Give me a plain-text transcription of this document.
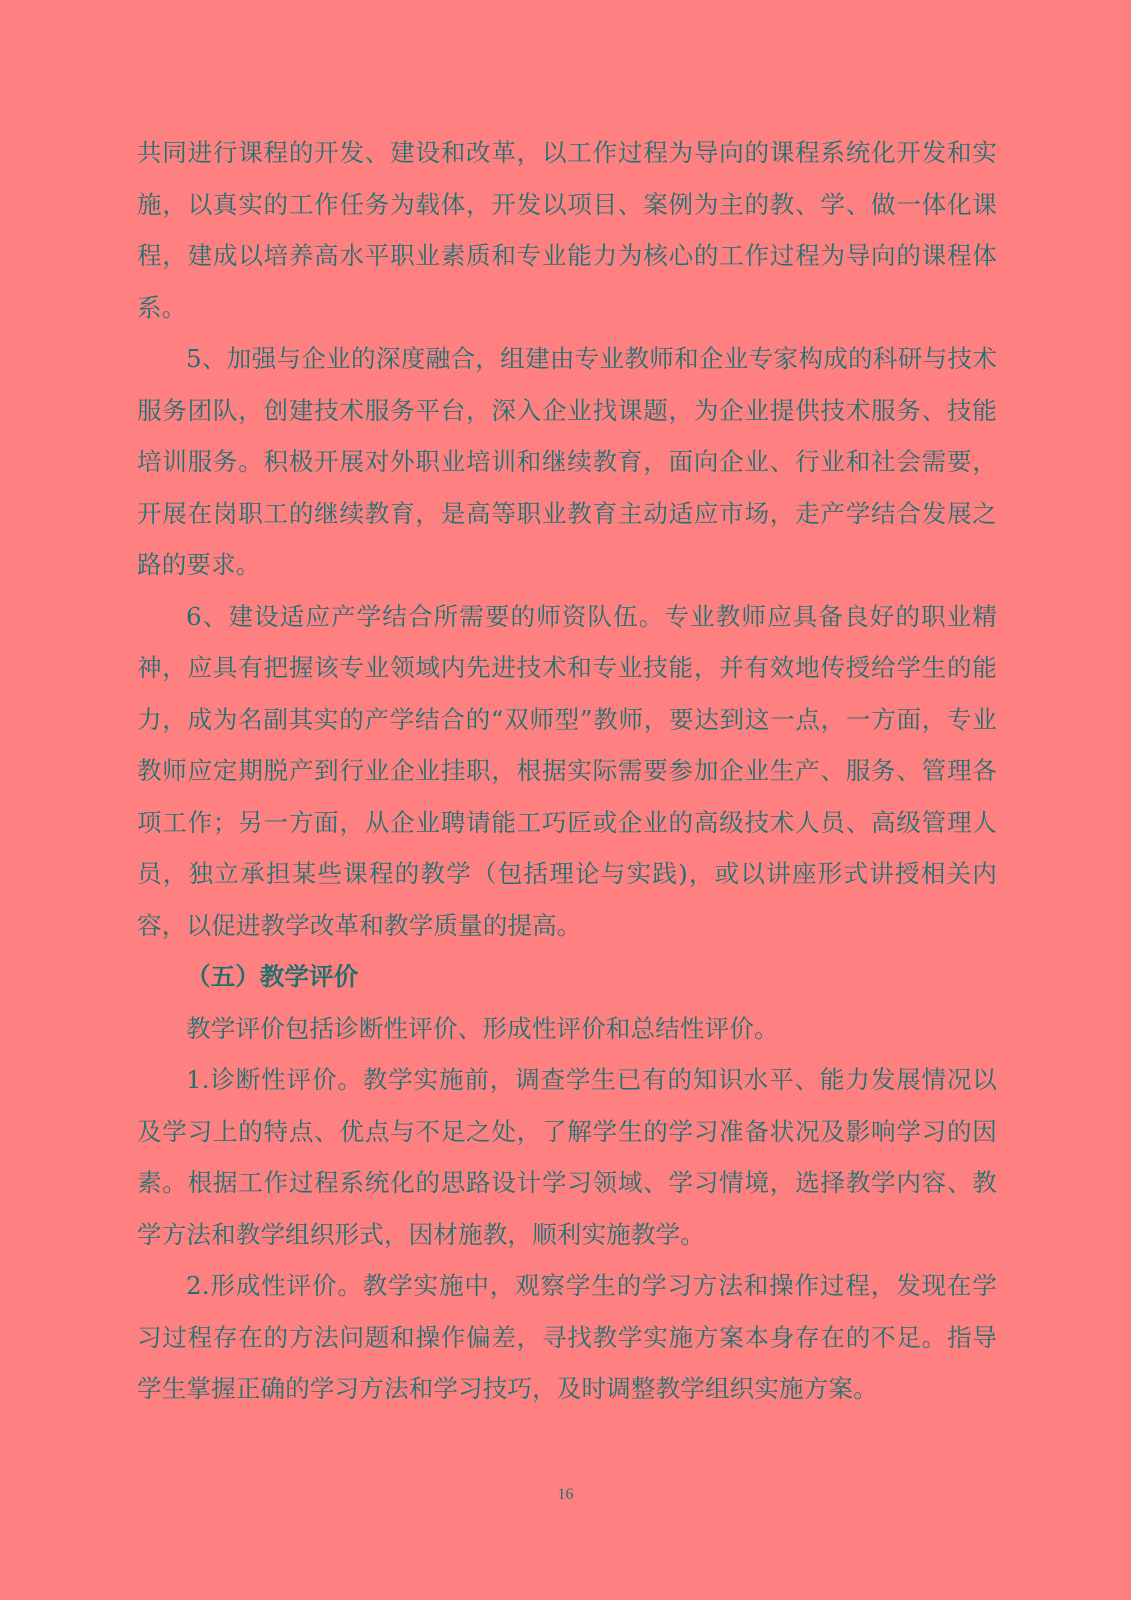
共同进行课程的开发、建设和改革，以工作过程为导向的课程系统化开发和实施，以真实的工作任务为载体，开发以项目、案例为主的教、学、做一体化课程，建成以培养高水平职业素质和专业能力为核心的工作过程为导向的课程体系。

5、加强与企业的深度融合，组建由专业教师和企业专家构成的科研与技术服务团队，创建技术服务平台，深入企业找课题，为企业提供技术服务、技能培训服务。积极开展对外职业培训和继续教育，面向企业、行业和社会需要，开展在岗职工的继续教育，是高等职业教育主动适应市场，走产学结合发展之路的要求。

6、建设适应产学结合所需要的师资队伍。专业教师应具备良好的职业精神，应具有把握该专业领域内先进技术和专业技能，并有效地传授给学生的能力，成为名副其实的产学结合的“双师型”教师，要达到这一点，一方面，专业教师应定期脱产到行业企业挂职，根据实际需要参加企业生产、服务、管理各项工作；另一方面，从企业聘请能工巧匠或企业的高级技术人员、高级管理人员，独立承担某些课程的教学（包括理论与实践)，或以讲座形式讲授相关内容，以促进教学改革和教学质量的提高。

（五）教学评价

教学评价包括诊断性评价、形成性评价和总结性评价。

1.诊断性评价。教学实施前，调查学生已有的知识水平、能力发展情况以及学习上的特点、优点与不足之处，了解学生的学习准备状况及影响学习的因素。根据工作过程系统化的思路设计学习领域、学习情境，选择教学内容、教学方法和教学组织形式，因材施教，顺利实施教学。

2.形成性评价。教学实施中，观察学生的学习方法和操作过程，发现在学习过程存在的方法问题和操作偏差，寻找教学实施方案本身存在的不足。指导学生掌握正确的学习方法和学习技巧，及时调整教学组织实施方案。

16
